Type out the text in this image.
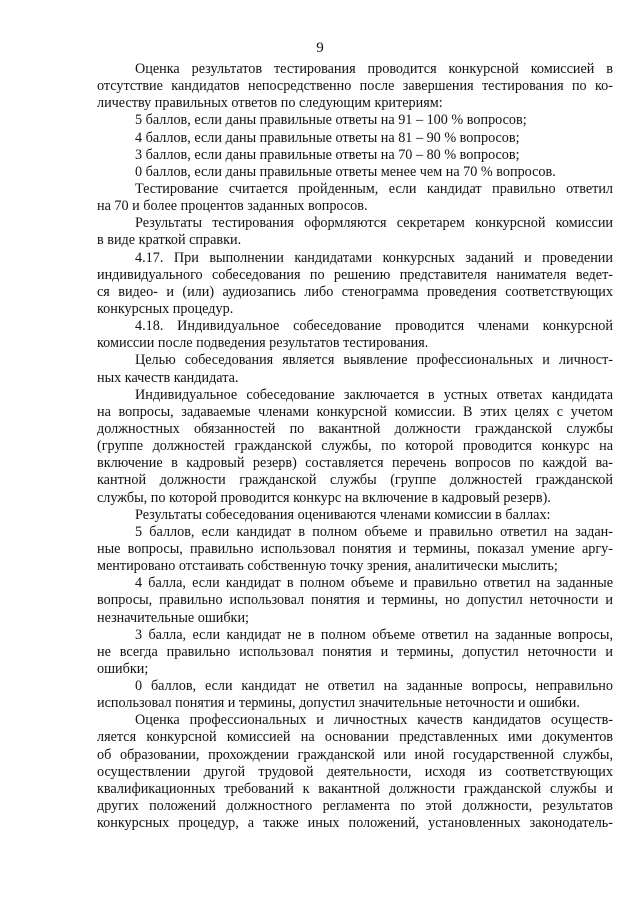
9
Оценка результатов тестирования проводится конкурсной комиссией в
отсутствие кандидатов непосредственно после завершения тестирования по ко-
личеству правильных ответов по следующим критериям:
5 баллов, если даны правильные ответы на 91 – 100 % вопросов;
4 баллов, если даны правильные ответы на 81 – 90 % вопросов;
3 баллов, если даны правильные ответы на 70 – 80 % вопросов;
0 баллов, если даны правильные ответы менее чем на 70 % вопросов.
Тестирование считается пройденным, если кандидат правильно ответил
на 70 и более процентов заданных вопросов.
Результаты тестирования оформляются секретарем конкурсной комиссии
в виде краткой справки.
4.17. При выполнении кандидатами конкурсных заданий и проведении
индивидуального собеседования по решению представителя нанимателя ведет-
ся видео- и (или) аудиозапись либо стенограмма проведения соответствующих
конкурсных процедур.
4.18. Индивидуальное собеседование проводится членами конкурсной
комиссии после подведения результатов тестирования.
Целью собеседования является выявление профессиональных и личност-
ных качеств кандидата.
Индивидуальное собеседование заключается в устных ответах кандидата
на вопросы, задаваемые членами конкурсной комиссии. В этих целях с учетом
должностных обязанностей по вакантной должности гражданской службы
(группе должностей гражданской службы, по которой проводится конкурс на
включение в кадровый резерв) составляется перечень вопросов по каждой ва-
кантной должности гражданской службы (группе должностей гражданской
службы, по которой проводится конкурс на включение в кадровый резерв).
Результаты собеседования оцениваются членами комиссии в баллах:
5 баллов, если кандидат в полном объеме и правильно ответил на задан-
ные вопросы, правильно использовал понятия и термины, показал умение аргу-
ментировано отстаивать собственную точку зрения, аналитически мыслить;
4 балла, если кандидат в полном объеме и правильно ответил на заданные
вопросы, правильно использовал понятия и термины, но допустил неточности и
незначительные ошибки;
3 балла, если кандидат не в полном объеме ответил на заданные вопросы,
не всегда правильно использовал понятия и термины, допустил неточности и
ошибки;
0 баллов, если кандидат не ответил на заданные вопросы, неправильно
использовал понятия и термины, допустил значительные неточности и ошибки.
Оценка профессиональных и личностных качеств кандидатов осуществ-
ляется конкурсной комиссией на основании представленных ими документов
об образовании, прохождении гражданской или иной государственной службы,
осуществлении другой трудовой деятельности, исходя из соответствующих
квалификационных требований к вакантной должности гражданской службы и
других положений должностного регламента по этой должности, результатов
конкурсных процедур, а также иных положений, установленных законодатель-
